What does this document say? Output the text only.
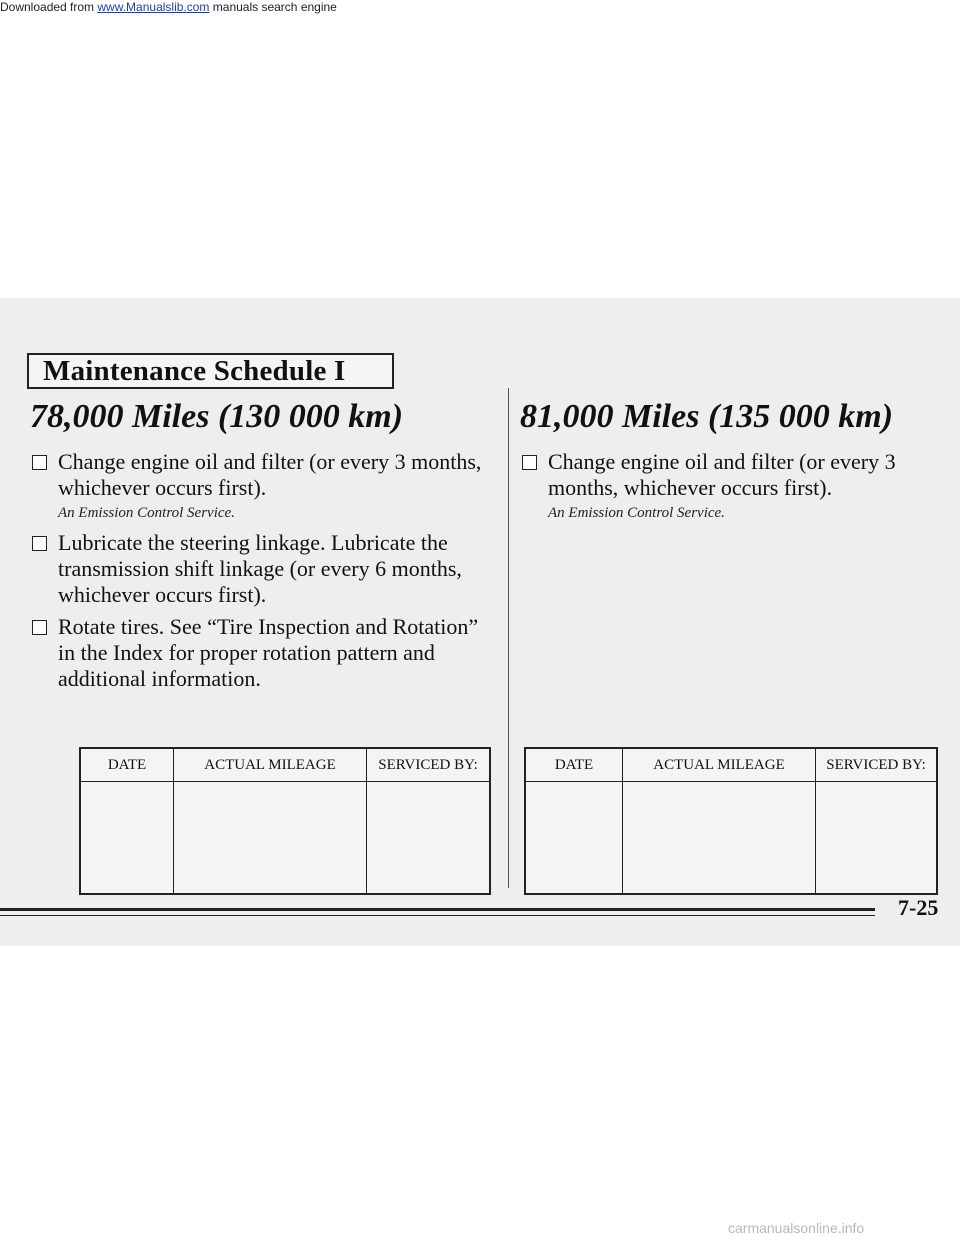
Downloaded from www.Manualslib.com manuals search engine
Maintenance Schedule I
78,000 Miles (130 000 km)
Change engine oil and filter (or every 3 months, whichever occurs first).
An Emission Control Service.
Lubricate the steering linkage. Lubricate the transmission shift linkage (or every 6 months, whichever occurs first).
Rotate tires. See “Tire Inspection and Rotation” in the Index for proper rotation pattern and additional information.
81,000 Miles (135 000 km)
Change engine oil and filter (or every 3 months, whichever occurs first).
An Emission Control Service.
DATE	ACTUAL MILEAGE	SERVICED BY:
			DATE	ACTUAL MILEAGE	SERVICED BY:

7-25
carmanualsonline.info
